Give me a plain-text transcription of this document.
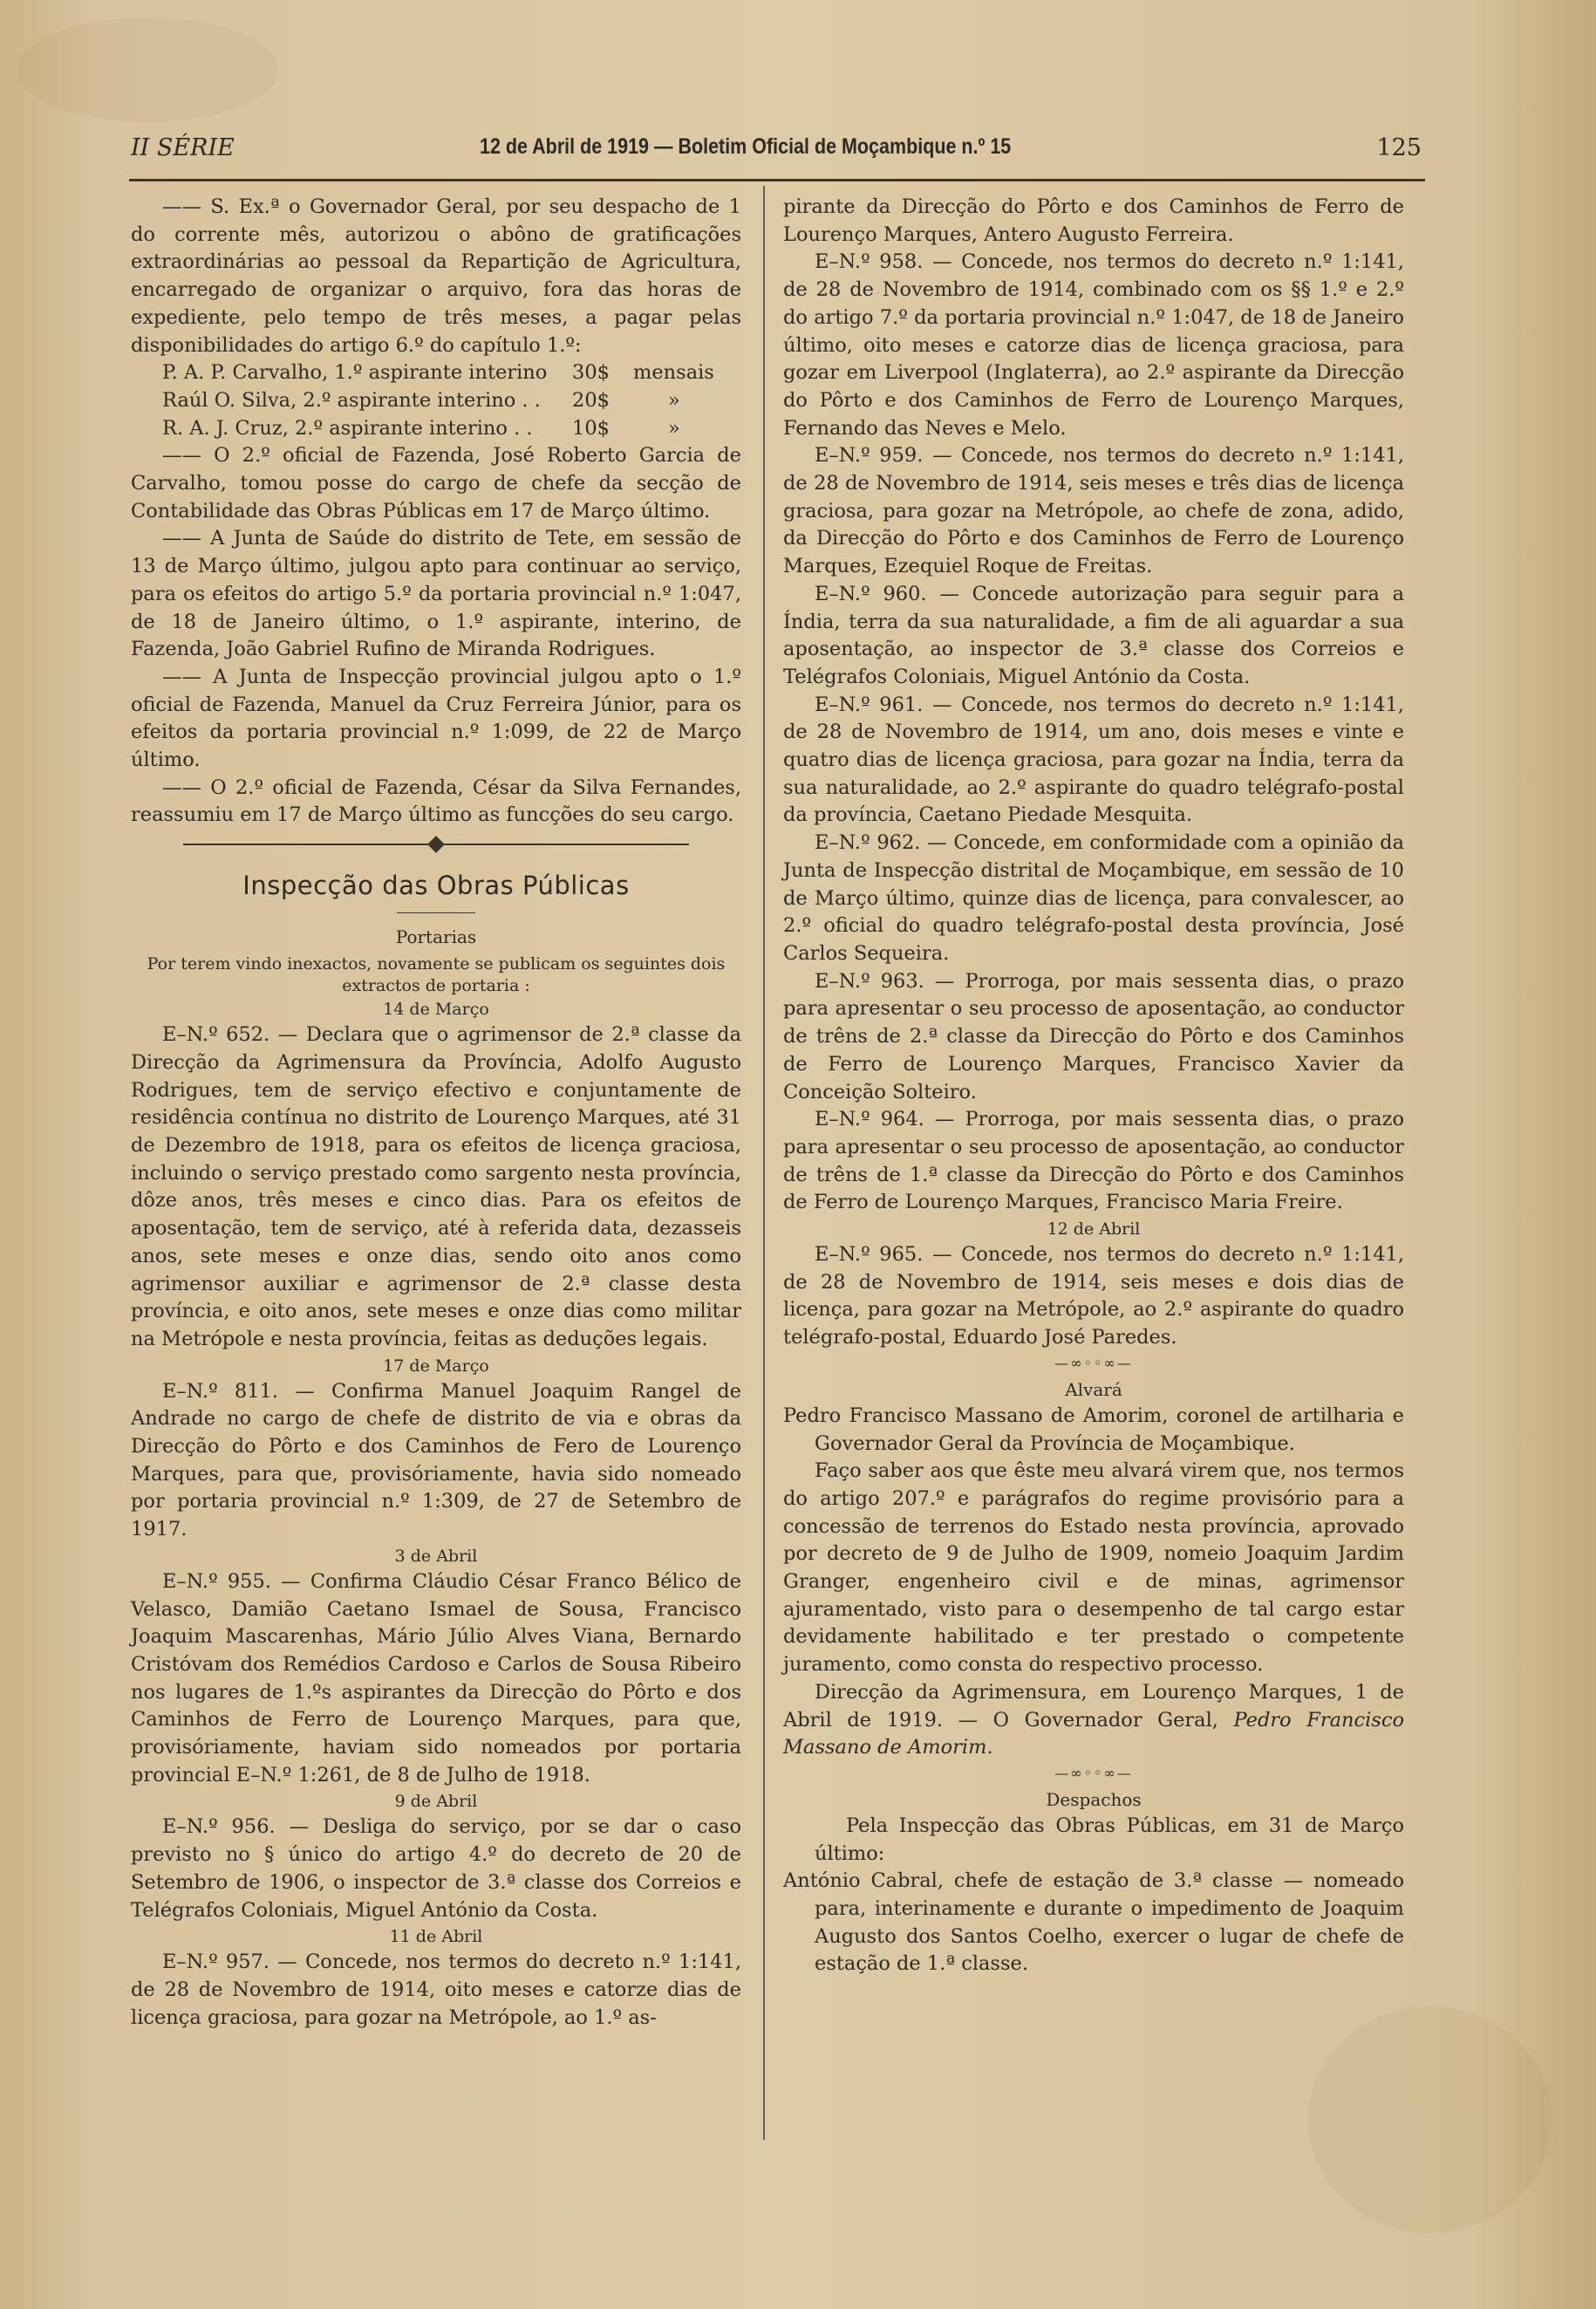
II SÉRIE	12 de Abril de 1919 — Boletim Oficial de Moçambique n.º 15	125

—— S. Ex.ª o Governador Geral, por seu despacho de 1 do corrente mês, autorizou o abôno de gratificações extraordinárias ao pessoal da Repartição de Agricultura, encarregado de organizar o arquivo, fora das horas de expediente, pelo tempo de três meses, a pagar pelas disponibilidades do artigo 6.º do capítulo 1.º:

P. A. P. Carvalho, 1.º aspirante interino	30$	mensais
Raúl O. Silva, 2.º aspirante interino . .	20$	»
R. A. J. Cruz, 2.º aspirante interino . .	10$	»

—— O 2.º oficial de Fazenda, José Roberto Garcia de Carvalho, tomou posse do cargo de chefe da secção de Contabilidade das Obras Públicas em 17 de Março último.

—— A Junta de Saúde do distrito de Tete, em sessão de 13 de Março último, julgou apto para continuar ao serviço, para os efeitos do artigo 5.º da portaria provincial n.º 1:047, de 18 de Janeiro último, o 1.º aspirante, interino, de Fazenda, João Gabriel Rufino de Miranda Rodrigues.

—— A Junta de Inspecção provincial julgou apto o 1.º oficial de Fazenda, Manuel da Cruz Ferreira Júnior, para os efeitos da portaria provincial n.º 1:099, de 22 de Março último.

—— O 2.º oficial de Fazenda, César da Silva Fernandes, reassumiu em 17 de Março último as funcções do seu cargo.

Inspecção das Obras Públicas
Portarias
Por terem vindo inexactos, novamente se publicam os seguintes dois extractos de portaria :
14 de Março

E–N.º 652. — Declara que o agrimensor de 2.ª classe da Direcção da Agrimensura da Província, Adolfo Augusto Rodrigues, tem de serviço efectivo e conjuntamente de residência contínua no distrito de Lourenço Marques, até 31 de Dezembro de 1918, para os efeitos de licença graciosa, incluindo o serviço prestado como sargento nesta província, dôze anos, três meses e cinco dias. Para os efeitos de aposentação, tem de serviço, até à referida data, dezasseis anos, sete meses e onze dias, sendo oito anos como agrimensor auxiliar e agrimensor de 2.ª classe desta província, e oito anos, sete meses e onze dias como militar na Metrópole e nesta província, feitas as deduções legais.

17 de Março

E–N.º 811. — Confirma Manuel Joaquim Rangel de Andrade no cargo de chefe de distrito de via e obras da Direcção do Pôrto e dos Caminhos de Fero de Lourenço Marques, para que, provisóriamente, havia sido nomeado por portaria provincial n.º 1:309, de 27 de Setembro de 1917.

3 de Abril

E–N.º 955. — Confirma Cláudio César Franco Bélico de Velasco, Damião Caetano Ismael de Sousa, Francisco Joaquim Mascarenhas, Mário Júlio Alves Viana, Bernardo Cristóvam dos Remédios Cardoso e Carlos de Sousa Ribeiro nos lugares de 1.ºs aspirantes da Direcção do Pôrto e dos Caminhos de Ferro de Lourenço Marques, para que, provisóriamente, haviam sido nomeados por portaria provincial E–N.º 1:261, de 8 de Julho de 1918.

9 de Abril

E–N.º 956. — Desliga do serviço, por se dar o caso previsto no § único do artigo 4.º do decreto de 20 de Setembro de 1906, o inspector de 3.ª classe dos Correios e Telégrafos Coloniais, Miguel António da Costa.

11 de Abril

E–N.º 957. — Concede, nos termos do decreto n.º 1:141, de 28 de Novembro de 1914, oito meses e catorze dias de licença graciosa, para gozar na Metrópole, ao 1.º as-

pirante da Direcção do Pôrto e dos Caminhos de Ferro de Lourenço Marques, Antero Augusto Ferreira.

E–N.º 958. — Concede, nos termos do decreto n.º 1:141, de 28 de Novembro de 1914, combinado com os §§ 1.º e 2.º do artigo 7.º da portaria provincial n.º 1:047, de 18 de Janeiro último, oito meses e catorze dias de licença graciosa, para gozar em Liverpool (Inglaterra), ao 2.º aspirante da Direcção do Pôrto e dos Caminhos de Ferro de Lourenço Marques, Fernando das Neves e Melo.

E–N.º 959. — Concede, nos termos do decreto n.º 1:141, de 28 de Novembro de 1914, seis meses e três dias de licença graciosa, para gozar na Metrópole, ao chefe de zona, adido, da Direcção do Pôrto e dos Caminhos de Ferro de Lourenço Marques, Ezequiel Roque de Freitas.

E–N.º 960. — Concede autorização para seguir para a Índia, terra da sua naturalidade, a fim de ali aguardar a sua aposentação, ao inspector de 3.ª classe dos Correios e Telégrafos Coloniais, Miguel António da Costa.

E–N.º 961. — Concede, nos termos do decreto n.º 1:141, de 28 de Novembro de 1914, um ano, dois meses e vinte e quatro dias de licença graciosa, para gozar na Índia, terra da sua naturalidade, ao 2.º aspirante do quadro telégrafo-postal da província, Caetano Piedade Mesquita.

E–N.º 962. — Concede, em conformidade com a opinião da Junta de Inspecção distrital de Moçambique, em sessão de 10 de Março último, quinze dias de licença, para convalescer, ao 2.º oficial do quadro telégrafo-postal desta província, José Carlos Sequeira.

E–N.º 963. — Prorroga, por mais sessenta dias, o prazo para apresentar o seu processo de aposentação, ao conductor de trêns de 2.ª classe da Direcção do Pôrto e dos Caminhos de Ferro de Lourenço Marques, Francisco Xavier da Conceição Solteiro.

E–N.º 964. — Prorroga, por mais sessenta dias, o prazo para apresentar o seu processo de aposentação, ao conductor de trêns de 1.ª classe da Direcção do Pôrto e dos Caminhos de Ferro de Lourenço Marques, Francisco Maria Freire.

12 de Abril

E–N.º 965. — Concede, nos termos do decreto n.º 1:141, de 28 de Novembro de 1914, seis meses e dois dias de licença, para gozar na Metrópole, ao 2.º aspirante do quadro telégrafo-postal, Eduardo José Paredes.

—∞◦◦∞—
Alvará

Pedro Francisco Massano de Amorim, coronel de artilharia e Governador Geral da Província de Moçambique.

Faço saber aos que êste meu alvará virem que, nos termos do artigo 207.º e parágrafos do regime provisório para a concessão de terrenos do Estado nesta província, aprovado por decreto de 9 de Julho de 1909, nomeio Joaquim Jardim Granger, engenheiro civil e de minas, agrimensor ajuramentado, visto para o desempenho de tal cargo estar devidamente habilitado e ter prestado o competente juramento, como consta do respectivo processo.

Direcção da Agrimensura, em Lourenço Marques, 1 de Abril de 1919. — O Governador Geral, Pedro Francisco Massano de Amorim.

—∞◦◦∞—
Despachos

Pela Inspecção das Obras Públicas, em 31 de Março último:

António Cabral, chefe de estação de 3.ª classe — nomeado para, interinamente e durante o impedimento de Joaquim Augusto dos Santos Coelho, exercer o lugar de chefe de estação de 1.ª classe.
